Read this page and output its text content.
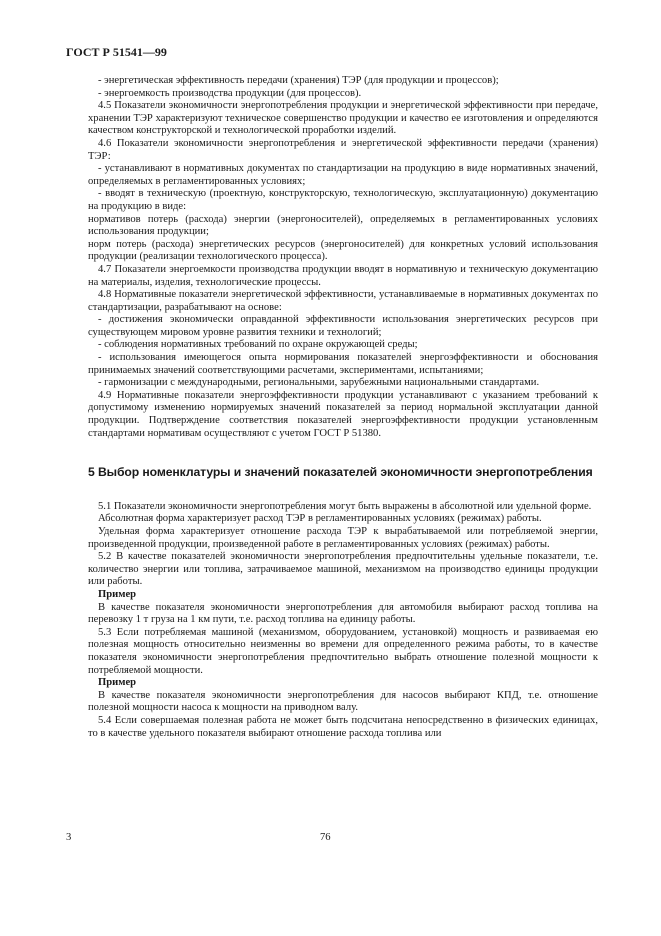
ГОСТ Р 51541—99

- энергетическая эффективность передачи (хранения) ТЭР (для продукции и процессов);

- энергоемкость производства продукции (для процессов).

4.5 Показатели экономичности энергопотребления продукции и энергетической эффективности при передаче, хранении ТЭР характеризуют техническое совершенство продукции и качество ее изготовления и определяются качеством конструкторской и технологической проработки изделий.

4.6 Показатели экономичности энергопотребления и энергетической эффективности передачи (хранения) ТЭР:

- устанавливают в нормативных документах по стандартизации на продукцию в виде нормативных значений, определяемых в регламентированных условиях;

- вводят в техническую (проектную, конструкторскую, технологическую, эксплуатационную) документацию на продукцию в виде:

нормативов потерь (расхода) энергии (энергоносителей), определяемых в регламентированных условиях использования продукции;

норм потерь (расхода) энергетических ресурсов (энергоносителей) для конкретных условий использования продукции (реализации технологического процесса).

4.7 Показатели энергоемкости производства продукции вводят в нормативную и техническую документацию на материалы, изделия, технологические процессы.

4.8 Нормативные показатели энергетической эффективности, устанавливаемые в нормативных документах по стандартизации, разрабатывают на основе:

- достижения экономически оправданной эффективности использования энергетических ресурсов при существующем мировом уровне развития техники и технологий;

- соблюдения нормативных требований по охране окружающей среды;

- использования имеющегося опыта нормирования показателей энергоэффективности и обоснования принимаемых значений соответствующими расчетами, экспериментами, испытаниями;

- гармонизации с международными, региональными, зарубежными национальными стандартами.

4.9 Нормативные показатели энергоэффективности продукции устанавливают с указанием требований к допустимому изменению нормируемых значений показателей за период нормальной эксплуатации данной продукции. Подтверждение соответствия показателей энергоэффективности продукции установленным стандартами нормативам осуществляют с учетом ГОСТ Р 51380.

5 Выбор номенклатуры и значений показателей экономичности энергопотребления

5.1 Показатели экономичности энергопотребления могут быть выражены в абсолютной или удельной форме.

Абсолютная форма характеризует расход ТЭР в регламентированных условиях (режимах) работы.

Удельная форма характеризует отношение расхода ТЭР к вырабатываемой или потребляемой энергии, произведенной продукции, произведенной работе в регламентированных условиях (режимах) работы.

5.2 В качестве показателей экономичности энергопотребления предпочтительны удельные показатели, т.е. количество энергии или топлива, затрачиваемое машиной, механизмом на производство единицы продукции или работы.

Пример

В качестве показателя экономичности энергопотребления для автомобиля выбирают расход топлива на перевозку 1 т груза на 1 км пути, т.е. расход топлива на единицу работы.

5.3 Если потребляемая машиной (механизмом, оборудованием, установкой) мощность и развиваемая ею полезная мощность относительно неизменны во времени для определенного режима работы, то в качестве показателя экономичности энергопотребления предпочтительно выбрать отношение полезной мощности к потребляемой мощности.

Пример

В качестве показателя экономичности энергопотребления для насосов выбирают КПД, т.е. отношение полезной мощности насоса к мощности на приводном валу.

5.4 Если совершаемая полезная работа не может быть подсчитана непосредственно в физических единицах, то в качестве удельного показателя выбирают отношение расхода топлива или

3	76
